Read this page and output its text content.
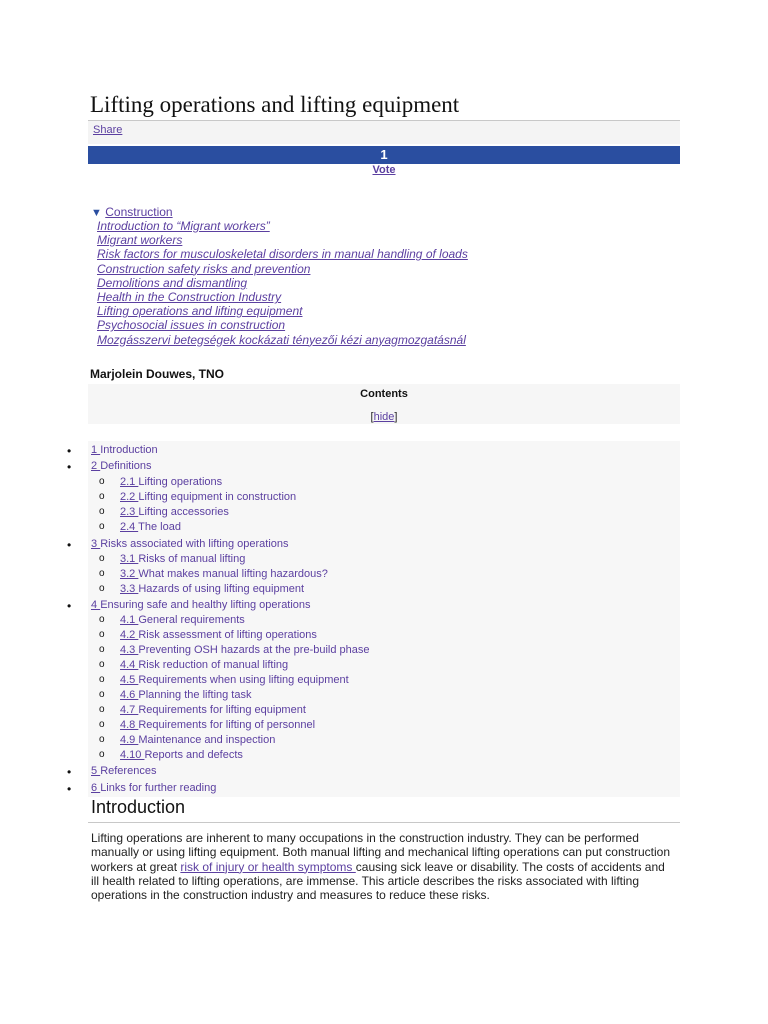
Lifting operations and lifting equipment
Share
1
Vote
▼ Construction
Introduction to “Migrant workers”
Migrant workers
Risk factors for musculoskeletal disorders in manual handling of loads
Construction safety risks and prevention
Demolitions and dismantling
Health in the Construction Industry
Lifting operations and lifting equipment
Psychosocial issues in construction
Mozgásszervi betegségek kockázati tényezői kézi anyagmozgatásnál
Marjolein Douwes, TNO
Contents
[hide]
• 1 Introduction
• 2 Definitions
o 2.1 Lifting operations
o 2.2 Lifting equipment in construction
o 2.3 Lifting accessories
o 2.4 The load
• 3 Risks associated with lifting operations
o 3.1 Risks of manual lifting
o 3.2 What makes manual lifting hazardous?
o 3.3 Hazards of using lifting equipment
• 4 Ensuring safe and healthy lifting operations
o 4.1 General requirements
o 4.2 Risk assessment of lifting operations
o 4.3 Preventing OSH hazards at the pre-build phase
o 4.4 Risk reduction of manual lifting
o 4.5 Requirements when using lifting equipment
o 4.6 Planning the lifting task
o 4.7 Requirements for lifting equipment
o 4.8 Requirements for lifting of personnel
o 4.9 Maintenance and inspection
o 4.10 Reports and defects
• 5 References
• 6 Links for further reading
Introduction

Lifting operations are inherent to many occupations in the construction industry. They can be performed manually or using lifting equipment. Both manual lifting and mechanical lifting operations can put construction workers at great risk of injury or health symptoms causing sick leave or disability. The costs of accidents and ill health related to lifting operations, are immense. This article describes the risks associated with lifting operations in the construction industry and measures to reduce these risks.
